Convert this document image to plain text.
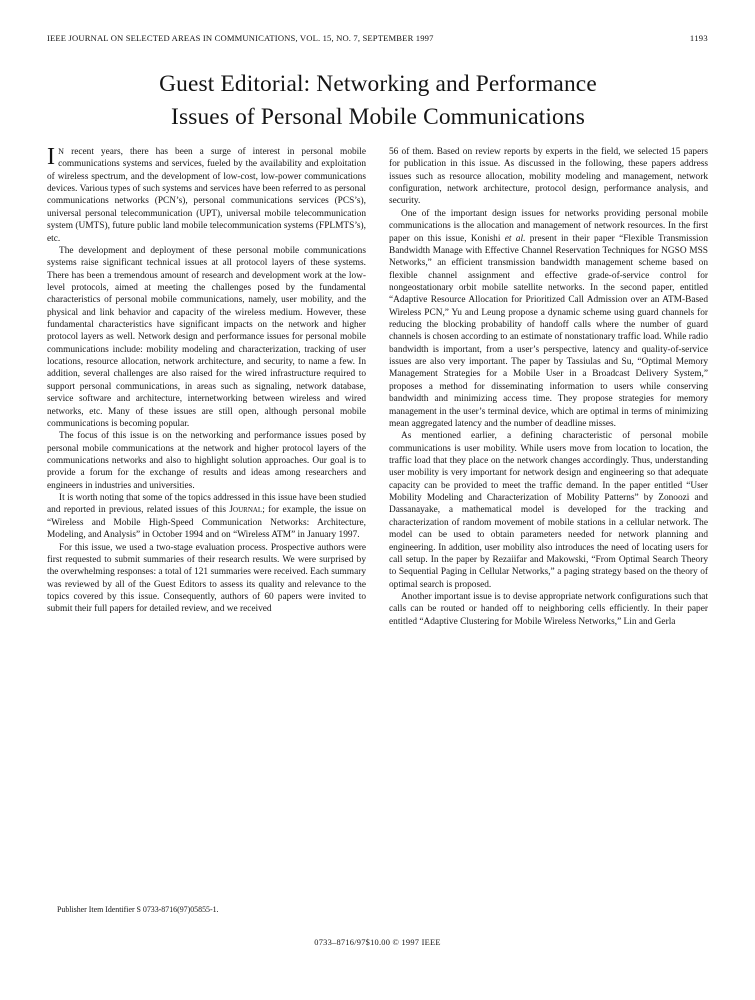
IEEE JOURNAL ON SELECTED AREAS IN COMMUNICATIONS, VOL. 15, NO. 7, SEPTEMBER 1997	1193
Guest Editorial: Networking and Performance
Issues of Personal Mobile Communications

I N recent years, there has been a surge of interest in personal mobile communications systems and services, fueled by the availability and exploitation of wireless spectrum, and the development of low-cost, low-power communications devices. Various types of such systems and services have been referred to as personal communications networks (PCN’s), personal communications services (PCS’s), universal personal telecommunication (UPT), universal mobile telecommunication system (UMTS), future public land mobile telecommunication systems (FPLMTS’s), etc.

The development and deployment of these personal mobile communications systems raise significant technical issues at all protocol layers of these systems. There has been a tremendous amount of research and development work at the low-level protocols, aimed at meeting the challenges posed by the fundamental characteristics of personal mobile communications, namely, user mobility, and the physical and link behavior and capacity of the wireless medium. However, these fundamental characteristics have significant impacts on the network and higher protocol layers as well. Network design and performance issues for personal mobile communications include: mobility modeling and characterization, tracking of user locations, resource allocation, network architecture, and security, to name a few. In addition, several challenges are also raised for the wired infrastructure required to support personal communications, in areas such as signaling, network database, service software and architecture, internetworking between wireless and wired networks, etc. Many of these issues are still open, although personal mobile communications is becoming popular.

The focus of this issue is on the networking and performance issues posed by personal mobile communications at the network and higher protocol layers of the communications networks and also to highlight solution approaches. Our goal is to provide a forum for the exchange of results and ideas among researchers and engineers in industries and universities.

It is worth noting that some of the topics addressed in this issue have been studied and reported in previous, related issues of this Journal; for example, the issue on “Wireless and Mobile High-Speed Communication Networks: Architecture, Modeling, and Analysis” in October 1994 and on “Wireless ATM” in January 1997.

For this issue, we used a two-stage evaluation process. Prospective authors were first requested to submit summaries of their research results. We were surprised by the overwhelming responses: a total of 121 summaries were received. Each summary was reviewed by all of the Guest Editors to assess its quality and relevance to the topics covered by this issue. Consequently, authors of 60 papers were invited to submit their full papers for detailed review, and we received

56 of them. Based on review reports by experts in the field, we selected 15 papers for publication in this issue. As discussed in the following, these papers address issues such as resource allocation, mobility modeling and management, network configuration, network architecture, protocol design, performance analysis, and security.

One of the important design issues for networks providing personal mobile communications is the allocation and management of network resources. In the first paper on this issue, Konishi et al. present in their paper “Flexible Transmission Bandwidth Manage with Effective Channel Reservation Techniques for NGSO MSS Networks,” an efficient transmission bandwidth management scheme based on flexible channel assignment and effective grade-of-service control for nongeostationary orbit mobile satellite networks. In the second paper, entitled “Adaptive Resource Allocation for Prioritized Call Admission over an ATM-Based Wireless PCN,” Yu and Leung propose a dynamic scheme using guard channels for reducing the blocking probability of handoff calls where the number of guard channels is chosen according to an estimate of nonstationary traffic load. While radio bandwidth is important, from a user’s perspective, latency and quality-of-service issues are also very important. The paper by Tassiulas and Su, “Optimal Memory Management Strategies for a Mobile User in a Broadcast Delivery System,” proposes a method for disseminating information to users while conserving bandwidth and minimizing access time. They propose strategies for memory management in the user’s terminal device, which are optimal in terms of minimizing mean aggregated latency and the number of deadline misses.

As mentioned earlier, a defining characteristic of personal mobile communications is user mobility. While users move from location to location, the traffic load that they place on the network changes accordingly. Thus, understanding user mobility is very important for network design and engineering so that adequate capacity can be provided to meet the traffic demand. In the paper entitled “User Mobility Modeling and Characterization of Mobility Patterns” by Zonoozi and Dassanayake, a mathematical model is developed for the tracking and characterization of random movement of mobile stations in a cellular network. The model can be used to obtain parameters needed for network planning and engineering. In addition, user mobility also introduces the need of locating users for call setup. In the paper by Rezaiifar and Makowski, “From Optimal Search Theory to Sequential Paging in Cellular Networks,” a paging strategy based on the theory of optimal search is proposed.

Another important issue is to devise appropriate network configurations such that calls can be routed or handed off to neighboring cells efficiently. In their paper entitled “Adaptive Clustering for Mobile Wireless Networks,” Lin and Gerla

Publisher Item Identifier S 0733-8716(97)05855-1.
0733–8716/97$10.00 © 1997 IEEE
